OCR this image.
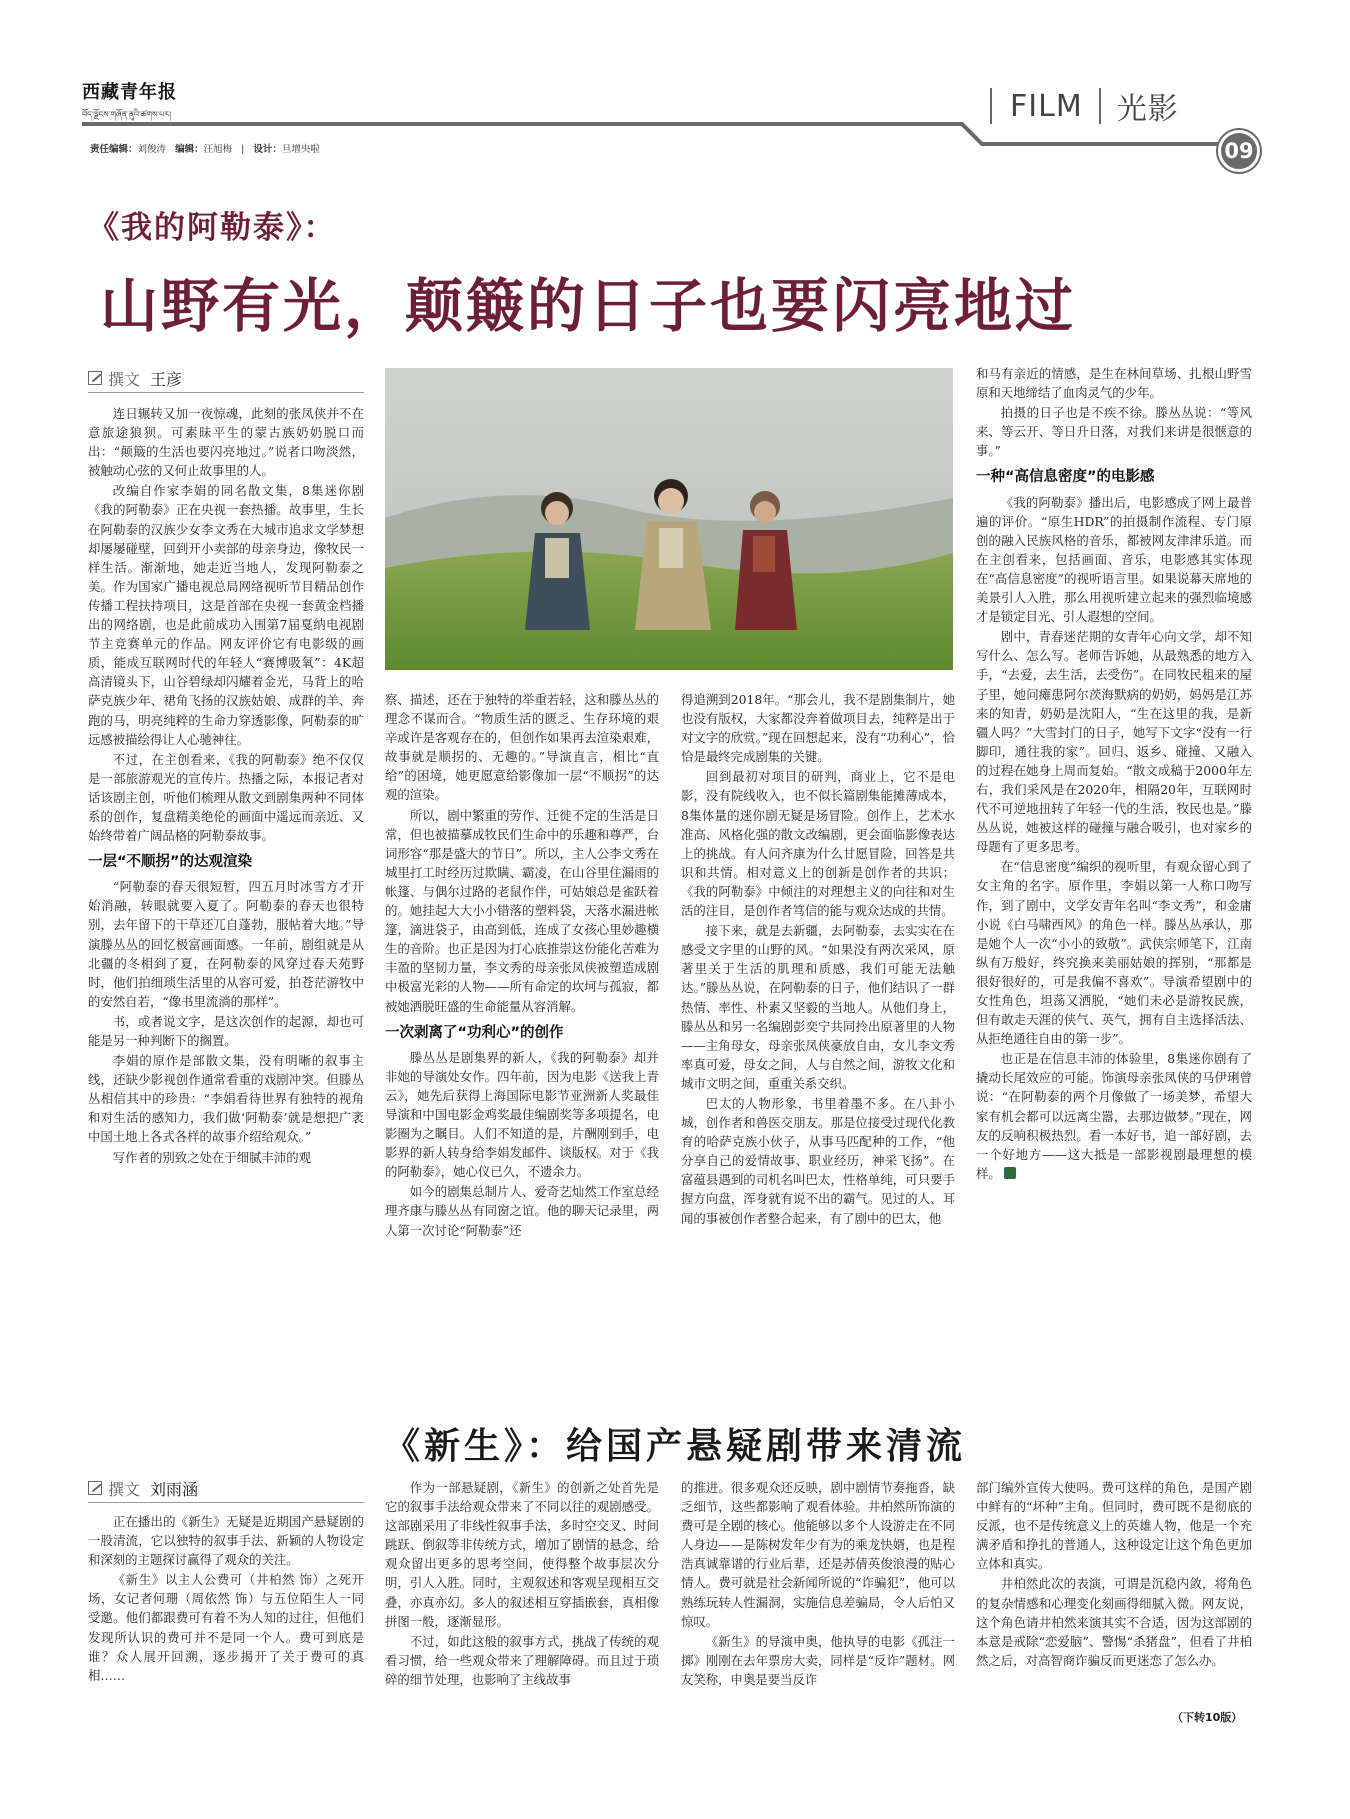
西藏青年报
བོད་ལྗོངས་གཞོན་ནུའི་ཚགས་པར།	FILM 光影
责任编辑：刘俊涛 编辑：汪旭梅 | 设计：旦增央啦	09
《我的阿勒泰》：
山野有光，颠簸的日子也要闪亮地过
撰文 王彦

连日辗转又加一夜惊魂，此刻的张凤侠并不在意旅途狼狈。可素昧平生的蒙古族奶奶脱口而出：“颠簸的生活也要闪亮地过。”说者口吻淡然，被触动心弦的又何止故事里的人。

改编自作家李娟的同名散文集，8集迷你剧《我的阿勒泰》正在央视一套热播。故事里，生长在阿勒泰的汉族少女李文秀在大城市追求文学梦想却屡屡碰壁，回到开小卖部的母亲身边，像牧民一样生活。渐渐地，她走近当地人，发现阿勒泰之美。作为国家广播电视总局网络视听节目精品创作传播工程扶持项目，这是首部在央视一套黄金档播出的网络剧，也是此前成功入围第7届戛纳电视剧节主竞赛单元的作品。网友评价它有电影级的画质，能成互联网时代的年轻人“赛博吸氧”：4K超高清镜头下，山谷碧绿却闪耀着金光，马背上的哈萨克族少年、裙角飞扬的汉族姑娘、成群的羊、奔跑的马，明亮纯粹的生命力穿透影像，阿勒泰的旷远感被描绘得让人心驰神往。

不过，在主创看来，《我的阿勒泰》绝不仅仅是一部旅游观光的宣传片。热播之际，本报记者对话该剧主创，听他们梳理从散文到剧集两种不同体系的创作，复盘精美绝伦的画面中遥远而亲近、又始终带着广阔品格的阿勒泰故事。

一层“不顺拐”的达观渲染

“阿勒泰的春天很短暂，四五月时冰雪方才开始消融，转眼就要入夏了。阿勒泰的春天也很特别，去年留下的干草还兀自蓬勃，服帖着大地。”导演滕丛丛的回忆极富画面感。一年前，剧组就是从北疆的冬相到了夏，在阿勒泰的风穿过春天苑野时，他们拍细琐生活里的从容可爱，拍苍茫游牧中的安然自若，“像书里流淌的那样”。

书，或者说文字，是这次创作的起源，却也可能是另一种判断下的搁置。

李娟的原作是部散文集，没有明晰的叙事主线，还缺少影视创作通常看重的戏剧冲突。但滕丛丛相信其中的珍贵：“李娟看待世界有独特的视角和对生活的感知力，我们做‘阿勒泰’就是想把广袤中国土地上各式各样的故事介绍给观众。”

写作者的别致之处在于细腻丰沛的观

察、描述，还在于独特的举重若轻，这和滕丛丛的理念不谋而合。“物质生活的匮乏、生存环境的艰辛或许是客观存在的，但创作如果再去渲染艰难，故事就是顺拐的、无趣的。”导演直言，相比“直给”的困境，她更愿意给影像加一层“不顺拐”的达观的渲染。

所以，剧中繁重的劳作、迁徙不定的生活是日常，但也被描摹成牧民们生命中的乐趣和尊严，台词形容“那是盛大的节日”。所以，主人公李文秀在城里打工时经历过欺瞒、霸凌，在山谷里住漏雨的帐篷、与偶尔过路的老鼠作伴，可姑娘总是雀跃着的。她挂起大大小小错落的塑料袋，天落水漏进帐篷，滴进袋子，由高到低，连成了女孩心里妙趣横生的音阶。也正是因为打心底推崇这份能化苦难为丰盈的坚韧力量，李文秀的母亲张凤侠被塑造成剧中极富光彩的人物——所有命定的坎坷与孤寂，都被她洒脱旺盛的生命能量从容消解。

一次剥离了“功利心”的创作

滕丛丛是剧集界的新人，《我的阿勒泰》却并非她的导演处女作。四年前，因为电影《送我上青云》，她先后获得上海国际电影节亚洲新人奖最佳导演和中国电影金鸡奖最佳编剧奖等多项提名，电影圈为之瞩目。人们不知道的是，片酬刚到手，电影界的新人转身给李娟发邮件、谈版权。对于《我的阿勒泰》，她心仪已久，不遗余力。

如今的剧集总制片人、爱奇艺灿然工作室总经理齐康与滕丛丛有同窗之谊。他的聊天记录里，两人第一次讨论“阿勒泰”还

得追溯到2018年。“那会儿，我不是剧集制片，她也没有版权，大家都没奔着做项目去，纯粹是出于对文字的欣赏。”现在回想起来，没有“功利心”，恰恰是最终完成剧集的关键。

回到最初对项目的研判，商业上，它不是电影，没有院线收入，也不似长篇剧集能摊薄成本，8集体量的迷你剧无疑是场冒险。创作上，艺术水准高、风格化强的散文改编剧，更会面临影像表达上的挑战。有人问齐康为什么甘愿冒险，回答是共识和共情。相对意义上的创新是创作者的共识；《我的阿勒泰》中倾注的对理想主义的向往和对生活的注目，是创作者笃信的能与观众达成的共情。

接下来，就是去新疆，去阿勒泰，去实实在在感受文字里的山野的风。“如果没有两次采风，原著里关于生活的肌理和质感，我们可能无法触达。”滕丛丛说，在阿勒泰的日子，他们结识了一群热情、率性、朴素又坚毅的当地人。从他们身上，滕丛丛和另一名编剧彭奕宁共同拎出原著里的人物——主角母女，母亲张凤侠豪放自由，女儿李文秀率真可爱，母女之间，人与自然之间，游牧文化和城市文明之间，重重关系交织。

巴太的人物形象，书里着墨不多。在八卦小城，创作者和兽医交朋友。那是位接受过现代化教育的哈萨克族小伙子，从事马匹配种的工作，“他分享自己的爱情故事、职业经历，神采飞扬”。在富蕴县遇到的司机名叫巴太，性格单纯，可只要手握方向盘，浑身就有说不出的霸气。见过的人、耳闻的事被创作者整合起来，有了剧中的巴太，他

和马有亲近的情感，是生在林间草场、扎根山野雪原和天地缔结了血肉灵气的少年。

拍摄的日子也是不疾不徐。滕丛丛说：“等风来、等云开、等日升日落，对我们来讲是很惬意的事。”

一种“高信息密度”的电影感

《我的阿勒泰》播出后，电影感成了网上最普遍的评价。“原生HDR”的拍摄制作流程、专门原创的融入民族风格的音乐，都被网友津津乐道。而在主创看来，包括画面、音乐，电影感其实体现在“高信息密度”的视听语言里。如果说幕天席地的美景引人入胜，那么用视听建立起来的强烈临境感才是锁定目光、引人遐想的空间。

剧中，青春迷茫期的女青年心向文学，却不知写什么、怎么写。老师告诉她，从最熟悉的地方入手，“去爱，去生活，去受伤”。在同牧民租来的屋子里，她问瘫患阿尔茨海默病的奶奶，妈妈是江苏来的知青，奶奶是沈阳人，“生在这里的我，是新疆人吗？”大雪封门的日子，她写下文字“没有一行脚印，通往我的家”。回归、返乡、碰撞、又融入的过程在她身上周而复始。“散文成稿于2000年左右，我们采风是在2020年，相隔20年，互联网时代不可逆地扭转了年轻一代的生活，牧民也是。”滕丛丛说，她被这样的碰撞与融合吸引，也对家乡的母题有了更多思考。

在“信息密度”编织的视听里，有观众留心到了女主角的名字。原作里，李娟以第一人称口吻写作，到了剧中，文学女青年名叫“李文秀”，和金庸小说《白马啸西风》的角色一样。滕丛丛承认，那是她个人一次“小小的致敬”。武侠宗师笔下，江南纵有万般好，终究换来美丽姑娘的挥别，“那都是很好很好的，可是我偏不喜欢”。导演希望剧中的女性角色，坦荡又洒脱，“她们未必是游牧民族，但有敢走天涯的侠气、英气，拥有自主选择活法、从拒绝通往自由的第一步”。

也正是在信息丰沛的体验里，8集迷你剧有了撬动长尾效应的可能。饰演母亲张凤侠的马伊琍曾说：“在阿勒泰的两个月像做了一场美梦，希望大家有机会都可以远离尘嚣，去那边做梦。”现在，网友的反响积极热烈。看一本好书，追一部好剧，去一个好地方——这大抵是一部影视剧最理想的模样。

《新生》：给国产悬疑剧带来清流
撰文 刘雨涵

正在播出的《新生》无疑是近期国产悬疑剧的一股清流，它以独特的叙事手法、新颖的人物设定和深刻的主题探讨赢得了观众的关注。

《新生》以主人公费可（井柏然 饰）之死开场，女记者何珊（周依然 饰）与五位陌生人一同受邀。他们都跟费可有着不为人知的过往，但他们发现所认识的费可并不是同一个人。费可到底是谁？众人展开回溯，逐步揭开了关于费可的真相……

作为一部悬疑剧，《新生》的创新之处首先是它的叙事手法给观众带来了不同以往的观剧感受。这部剧采用了非线性叙事手法，多时空交叉、时间跳跃、倒叙等非传统方式，增加了剧情的悬念，给观众留出更多的思考空间，使得整个故事层次分明，引人入胜。同时，主观叙述和客观呈现相互交叠，亦真亦幻。多人的叙述相互穿插嵌套，真相像拼图一般，逐渐显形。

不过，如此这般的叙事方式，挑战了传统的观看习惯，给一些观众带来了理解障碍。而且过于琐碎的细节处理，也影响了主线故事

的推进。很多观众还反映，剧中剧情节奏拖沓，缺乏细节，这些都影响了观看体验。井柏然所饰演的费可是全剧的核心。他能够以多个人设游走在不同人身边——是陈树发年少有为的乘龙快婿，也是程浩真诚靠谱的行业后辈，还是苏倩英俊浪漫的贴心情人。费可就是社会新闻所说的“诈骗犯”，他可以熟练玩转人性漏洞，实施信息差骗局，令人后怕又惊叹。

《新生》的导演申奥，他执导的电影《孤注一掷》刚刚在去年票房大卖，同样是“反诈”题材。网友笑称，申奥是要当反诈

部门编外宣传大使吗。费可这样的角色，是国产剧中鲜有的“坏种”主角。但同时，费可既不是彻底的反派，也不是传统意义上的英雄人物，他是一个充满矛盾和挣扎的普通人，这种设定让这个角色更加立体和真实。

井柏然此次的表演，可谓是沉稳内敛，将角色的复杂情感和心理变化刻画得细腻入微。网友说，这个角色请井柏然来演其实不合适，因为这部剧的本意是戒除“恋爱脑”、警惕“杀猪盘”，但看了井柏然之后，对高智商诈骗反而更迷恋了怎么办。

（下转10版）
